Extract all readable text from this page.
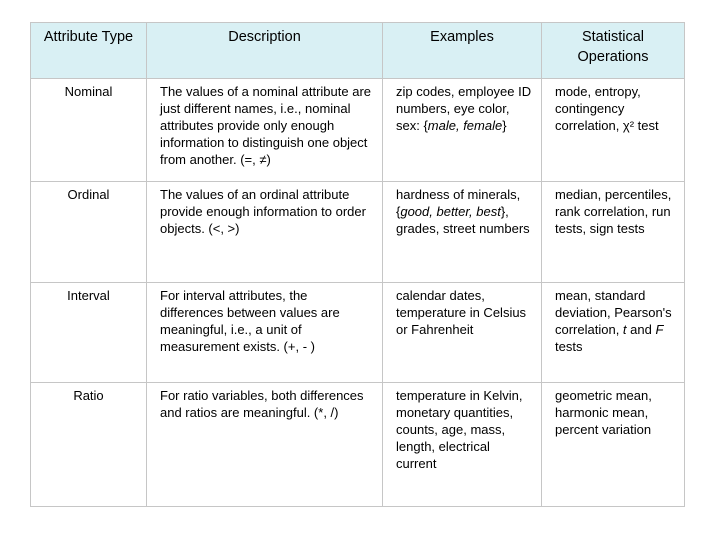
Attribute Type	Description	Examples	Statistical Operations
Nominal	The values of a nominal attribute are just different names, i.e., nominal attributes provide only enough information to distinguish one object from another. (=, ≠)	zip codes, employee ID numbers, eye color, sex: {male, female}	mode, entropy, contingency correlation, χ² test
Ordinal	The values of an ordinal attribute provide enough information to order objects. (<, >)	hardness of minerals, {good, better, best}, grades, street numbers	median, percentiles, rank correlation, run tests, sign tests
Interval	For interval attributes, the differences between values are meaningful, i.e., a unit of measurement exists. (+, - )	calendar dates, temperature in Celsius or Fahrenheit	mean, standard deviation, Pearson's correlation, t and F tests
Ratio	For ratio variables, both differences and ratios are meaningful. (*, /)	temperature in Kelvin, monetary quantities, counts, age, mass, length, electrical current	geometric mean, harmonic mean, percent variation
